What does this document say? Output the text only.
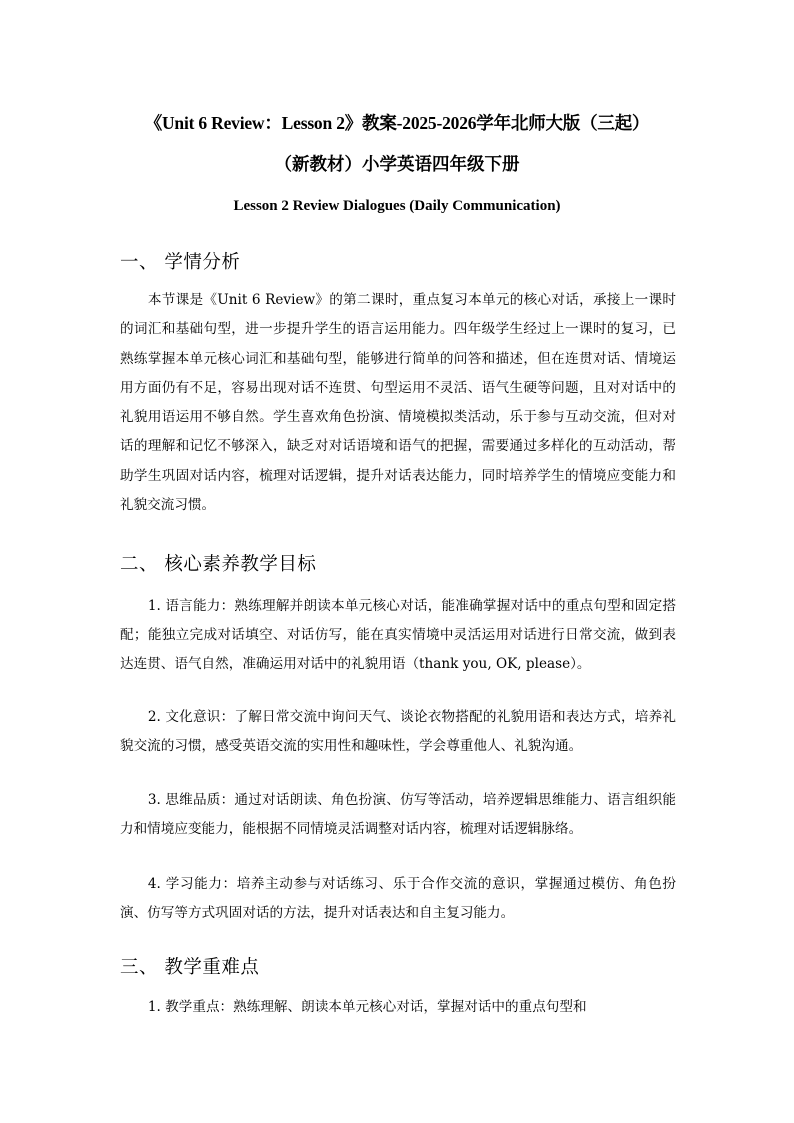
《Unit 6 Review：Lesson 2》教案-2025-2026学年北师大版（三起）
（新教材）小学英语四年级下册
Lesson 2 Review Dialogues (Daily Communication)
一、 学情分析
本节课是《Unit 6 Review》的第二课时，重点复习本单元的核心对话，承接上一课时的词汇和基础句型，进一步提升学生的语言运用能力。四年级学生经过上一课时的复习，已熟练掌握本单元核心词汇和基础句型，能够进行简单的问答和描述，但在连贯对话、情境运用方面仍有不足，容易出现对话不连贯、句型运用不灵活、语气生硬等问题，且对对话中的礼貌用语运用不够自然。学生喜欢角色扮演、情境模拟类活动，乐于参与互动交流，但对对话的理解和记忆不够深入，缺乏对对话语境和语气的把握，需要通过多样化的互动活动，帮助学生巩固对话内容，梳理对话逻辑，提升对话表达能力，同时培养学生的情境应变能力和礼貌交流习惯。
二、 核心素养教学目标
1. 语言能力：熟练理解并朗读本单元核心对话，能准确掌握对话中的重点句型和固定搭配；能独立完成对话填空、对话仿写，能在真实情境中灵活运用对话进行日常交流，做到表达连贯、语气自然，准确运用对话中的礼貌用语（thank you, OK, please）。
2. 文化意识：了解日常交流中询问天气、谈论衣物搭配的礼貌用语和表达方式，培养礼貌交流的习惯，感受英语交流的实用性和趣味性，学会尊重他人、礼貌沟通。
3. 思维品质：通过对话朗读、角色扮演、仿写等活动，培养逻辑思维能力、语言组织能力和情境应变能力，能根据不同情境灵活调整对话内容，梳理对话逻辑脉络。
4. 学习能力：培养主动参与对话练习、乐于合作交流的意识，掌握通过模仿、角色扮演、仿写等方式巩固对话的方法，提升对话表达和自主复习能力。
三、 教学重难点
1. 教学重点：熟练理解、朗读本单元核心对话，掌握对话中的重点句型和
